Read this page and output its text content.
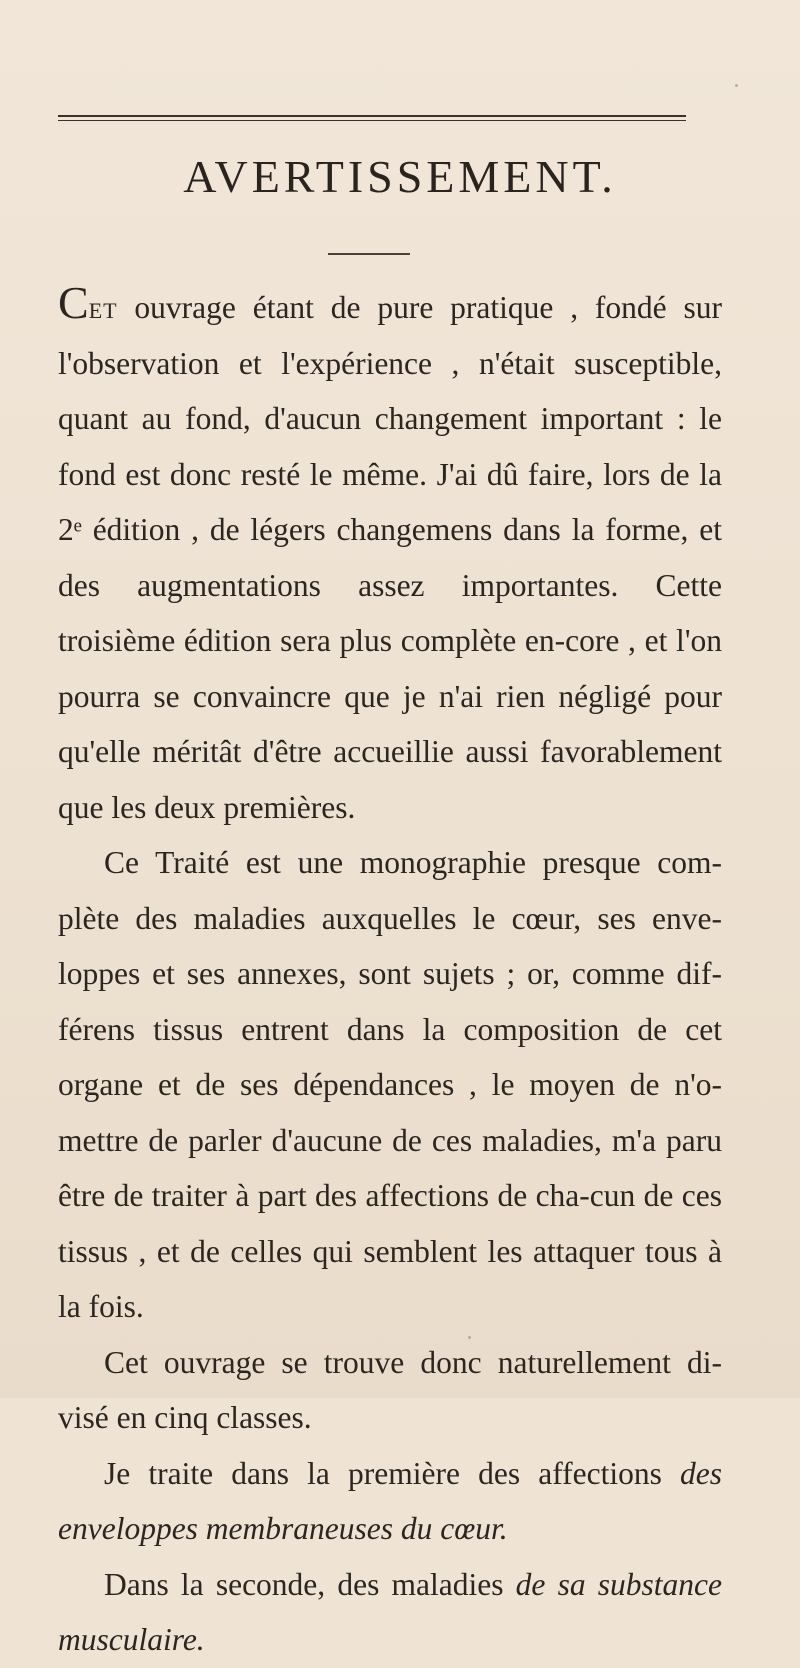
AVERTISSEMENT.

Cet ouvrage étant de pure pratique , fondé sur l'observation et l'expérience , n'était susceptible, quant au fond, d'aucun changement important : le fond est donc resté le même. J'ai dû faire, lors de la 2ᵉ édition , de légers changemens dans la forme, et des augmentations assez importantes. Cette troisième édition sera plus complète en-core , et l'on pourra se convaincre que je n'ai rien négligé pour qu'elle méritât d'être accueillie aussi favorablement que les deux premières.

Ce Traité est une monographie presque com-plète des maladies auxquelles le cœur, ses enve-loppes et ses annexes, sont sujets ; or, comme dif-férens tissus entrent dans la composition de cet organe et de ses dépendances , le moyen de n'o-mettre de parler d'aucune de ces maladies, m'a paru être de traiter à part des affections de cha-cun de ces tissus , et de celles qui semblent les attaquer tous à la fois.

Cet ouvrage se trouve donc naturellement di-visé en cinq classes.

Je traite dans la première des affections des enveloppes membraneuses du cœur.

Dans la seconde, des maladies de sa substance musculaire.
